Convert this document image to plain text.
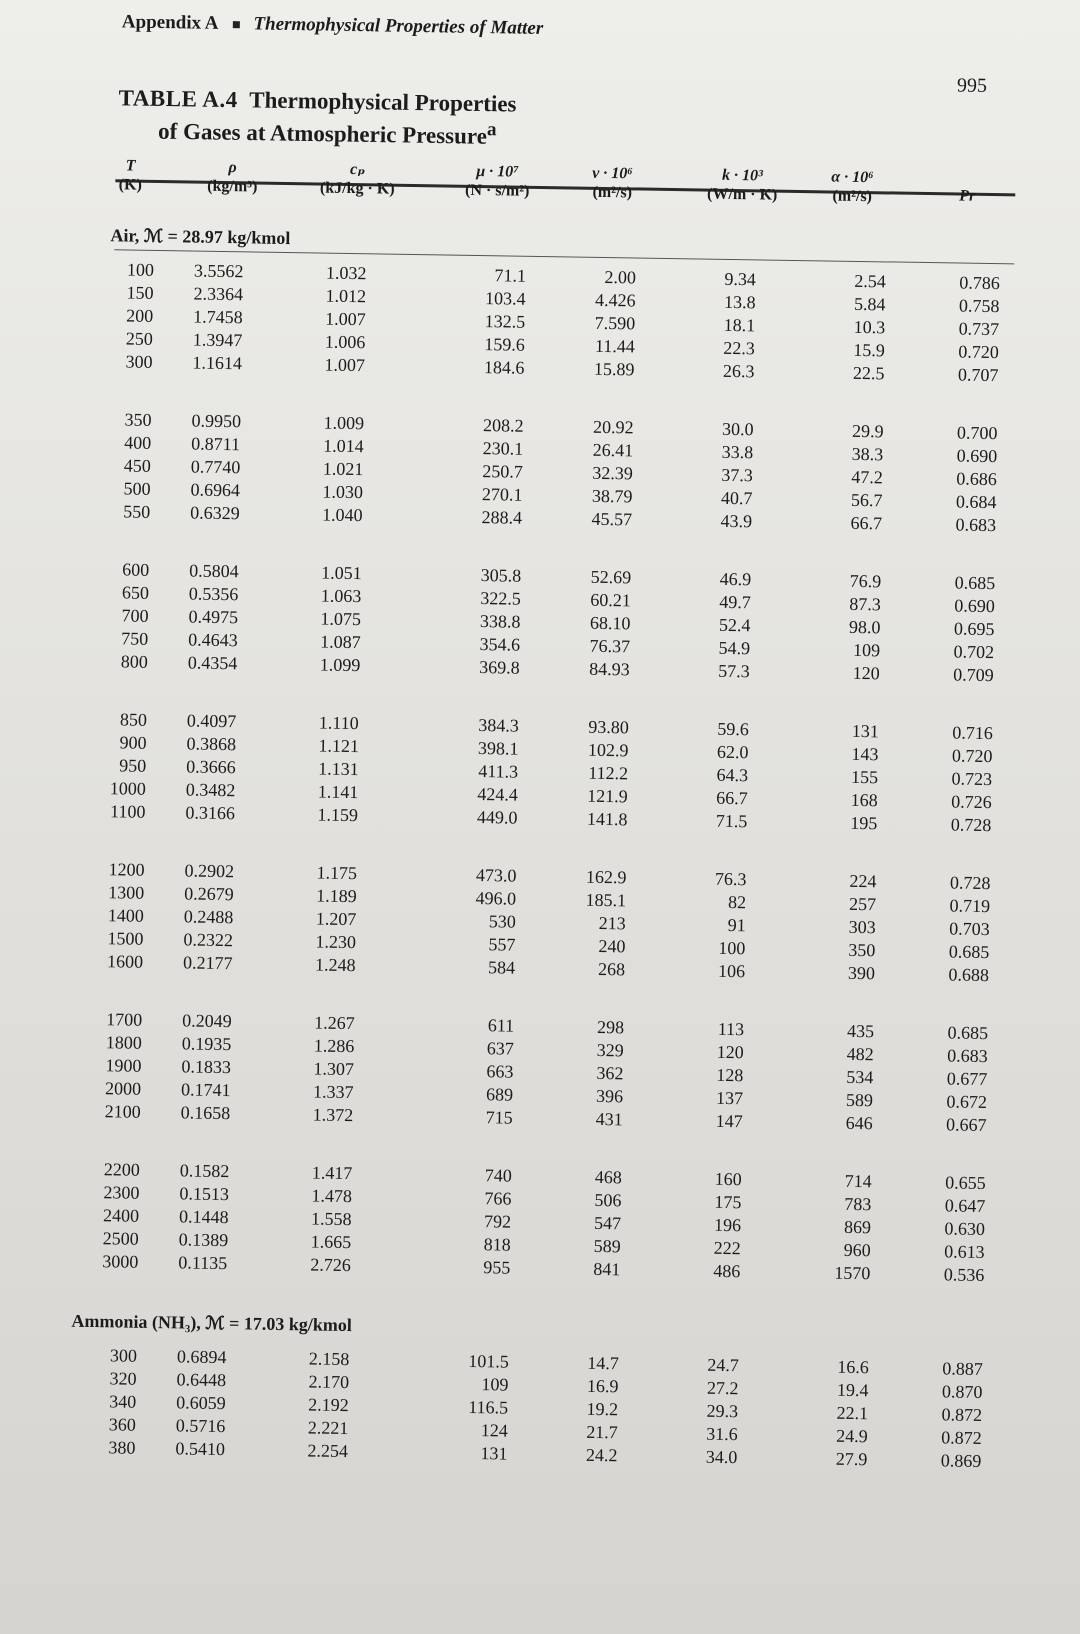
Appendix A Thermophysical Properties of Matter
995
TABLE A.4 Thermophysical Properties
of Gases at Atmospheric Pressure$^a$
T
(K)
ρ
(kg/m³)
cₚ
(kJ/kg · K)
μ · 10⁷
(N · s/m²)
ν · 10⁶
(m²/s)
k · 10³
(W/m · K)
α · 10⁶
(m²/s)	Pr
Air, ℳ = 28.97 kg/kmol
100 3.5562	1.032	71.1	2.00	9.34	2.54	0.786
150 2.3364	1.012	103.4	4.426	13.8	5.84	0.758
200 1.7458	1.007	132.5	7.590	18.1	10.3	0.737
250 1.3947	1.006	159.6	11.44	22.3	15.9	0.720
300 1.1614	1.007	184.6	15.89	26.3	22.5	0.707
350 0.9950	1.009	208.2	20.92	30.0	29.9	0.700
400 0.8711	1.014	230.1	26.41	33.8	38.3	0.690
450 0.7740	1.021	250.7	32.39	37.3	47.2	0.686
500 0.6964	1.030	270.1	38.79	40.7	56.7	0.684
550 0.6329	1.040	288.4	45.57	43.9	66.7	0.683
600 0.5804	1.051	305.8	52.69	46.9	76.9	0.685
650 0.5356	1.063	322.5	60.21	49.7	87.3	0.690
700 0.4975	1.075	338.8	68.10	52.4	98.0	0.695
750 0.4643	1.087	354.6	76.37	54.9	109	0.702
800 0.4354	1.099	369.8	84.93	57.3	120	0.709
850 0.4097	1.110	384.3	93.80	59.6	131	0.716
900 0.3868	1.121	398.1	102.9	62.0	143	0.720
950 0.3666	1.131	411.3	112.2	64.3	155	0.723
1000 0.3482	1.141	424.4	121.9	66.7	168	0.726
1100 0.3166	1.159	449.0	141.8	71.5	195	0.728
1200 0.2902	1.175	473.0	162.9	76.3	224	0.728
1300 0.2679	1.189	496.0	185.1	82	257	0.719
1400 0.2488	1.207	530	213	91	303	0.703
1500 0.2322	1.230	557	240	100	350	0.685
1600 0.2177	1.248	584	268	106	390	0.688
1700 0.2049	1.267	611	298	113	435	0.685
1800 0.1935	1.286	637	329	120	482	0.683
1900 0.1833	1.307	663	362	128	534	0.677
2000 0.1741	1.337	689	396	137	589	0.672
2100 0.1658	1.372	715	431	147	646	0.667
2200 0.1582	1.417	740	468	160	714	0.655
2300 0.1513	1.478	766	506	175	783	0.647
2400 0.1448	1.558	792	547	196	869	0.630
2500 0.1389	1.665	818	589	222	960	0.613
3000 0.1135	2.726	955	841	486	1570	0.536
Ammonia (NH₃), ℳ = 17.03 kg/kmol
300 0.6894	2.158	101.5	14.7	24.7	16.6	0.887
320 0.6448	2.170	109	16.9	27.2	19.4	0.870
340 0.6059	2.192	116.5	19.2	29.3	22.1	0.872
360 0.5716	2.221	124	21.7	31.6	24.9	0.872
380 0.5410	2.254	131	24.2	34.0	27.9	0.869
